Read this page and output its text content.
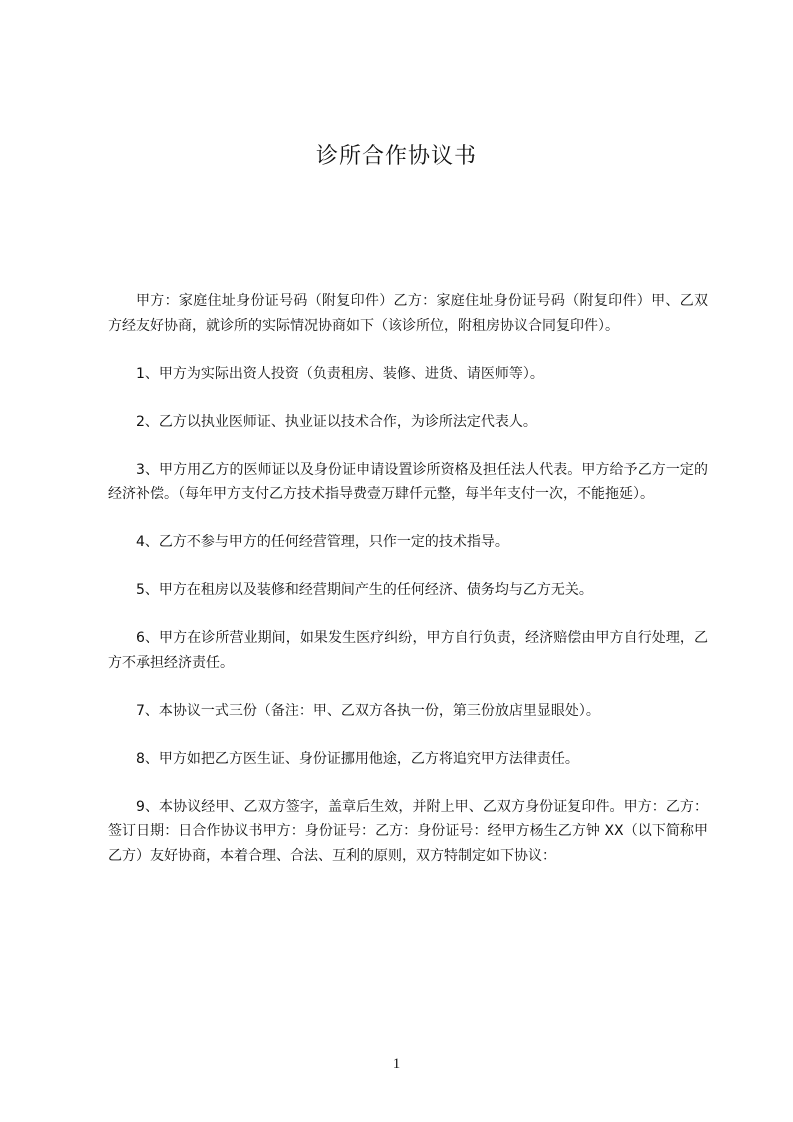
诊所合作协议书

甲方：家庭住址身份证号码（附复印件）乙方：家庭住址身份证号码（附复印件）甲、乙双方经友好协商，就诊所的实际情况协商如下（该诊所位，附租房协议合同复印件）。

1、甲方为实际出资人投资（负责租房、装修、进货、请医师等）。

2、乙方以执业医师证、执业证以技术合作，为诊所法定代表人。

3、甲方用乙方的医师证以及身份证申请设置诊所资格及担任法人代表。甲方给予乙方一定的经济补偿。（每年甲方支付乙方技术指导费壹万肆仟元整，每半年支付一次，不能拖延）。

4、乙方不参与甲方的任何经营管理，只作一定的技术指导。

5、甲方在租房以及装修和经营期间产生的任何经济、债务均与乙方无关。

6、甲方在诊所营业期间，如果发生医疗纠纷，甲方自行负责，经济赔偿由甲方自行处理，乙方不承担经济责任。

7、本协议一式三份（备注：甲、乙双方各执一份，第三份放店里显眼处）。

8、甲方如把乙方医生证、身份证挪用他途，乙方将追究甲方法律责任。

9、本协议经甲、乙双方签字，盖章后生效，并附上甲、乙双方身份证复印件。甲方：乙方：签订日期：日合作协议书甲方：身份证号：乙方：身份证号：经甲方杨生乙方钟 XX（以下简称甲乙方）友好协商，本着合理、合法、互利的原则，双方特制定如下协议：

1
